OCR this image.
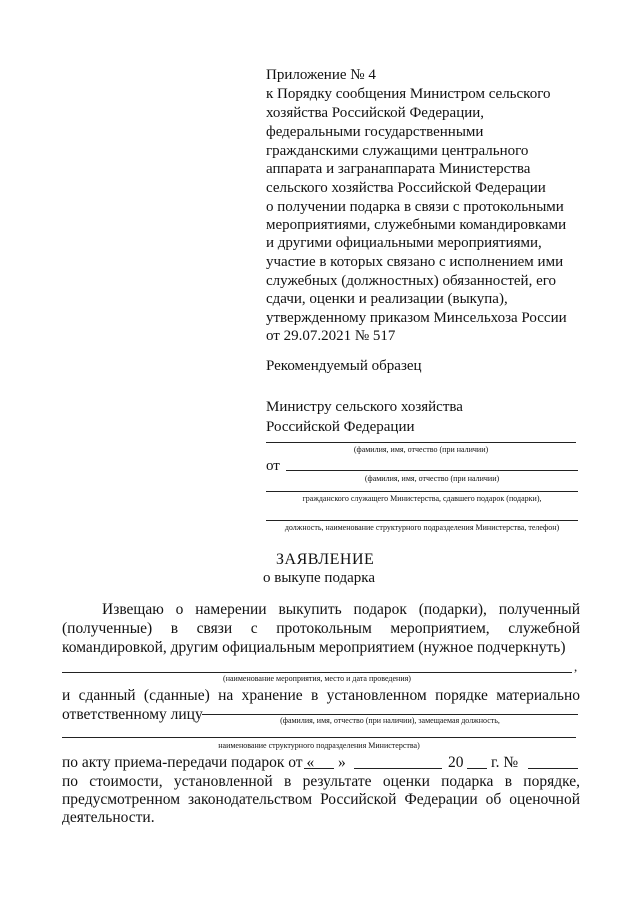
Приложение № 4
к Порядку сообщения Министром сельского
хозяйства Российской Федерации,
федеральными государственными
гражданскими служащими центрального
аппарата и загранаппарата Министерства
сельского хозяйства Российской Федерации
о получении подарка в связи с протокольными
мероприятиями, служебными командировками
и другими официальными мероприятиями,
участие в которых связано с исполнением ими
служебных (должностных) обязанностей, его
сдачи, оценки и реализации (выкупа),
утвержденному приказом Минсельхоза России
от 29.07.2021 № 517
Рекомендуемый образец
Министру сельского хозяйства
Российской Федерации
(фамилия, имя, отчество (при наличии)
от
(фамилия, имя, отчество (при наличии)
гражданского служащего Министерства, сдавшего подарок (подарки),
должность, наименование структурного подразделения Министерства, телефон)
ЗАЯВЛЕНИЕ
о выкупе подарка
Извещаю о намерении выкупить подарок (подарки), полученный
(полученные) в связи с протокольным мероприятием, служебной
командировкой, другим официальным мероприятием (нужное подчеркнуть)
,
(наименование мероприятия, место и дата проведения)
и сданный (сданные) на хранение в установленном порядке материально
ответственному лицу	(фамилия, имя, отчество (при наличии), замещаемая должность,
наименование структурного подразделения Министерства)
по акту приема-передачи подарок от « »	20 г. №
по стоимости, установленной в результате оценки подарка в порядке,
предусмотренном законодательством Российской Федерации об оценочной
деятельности.
